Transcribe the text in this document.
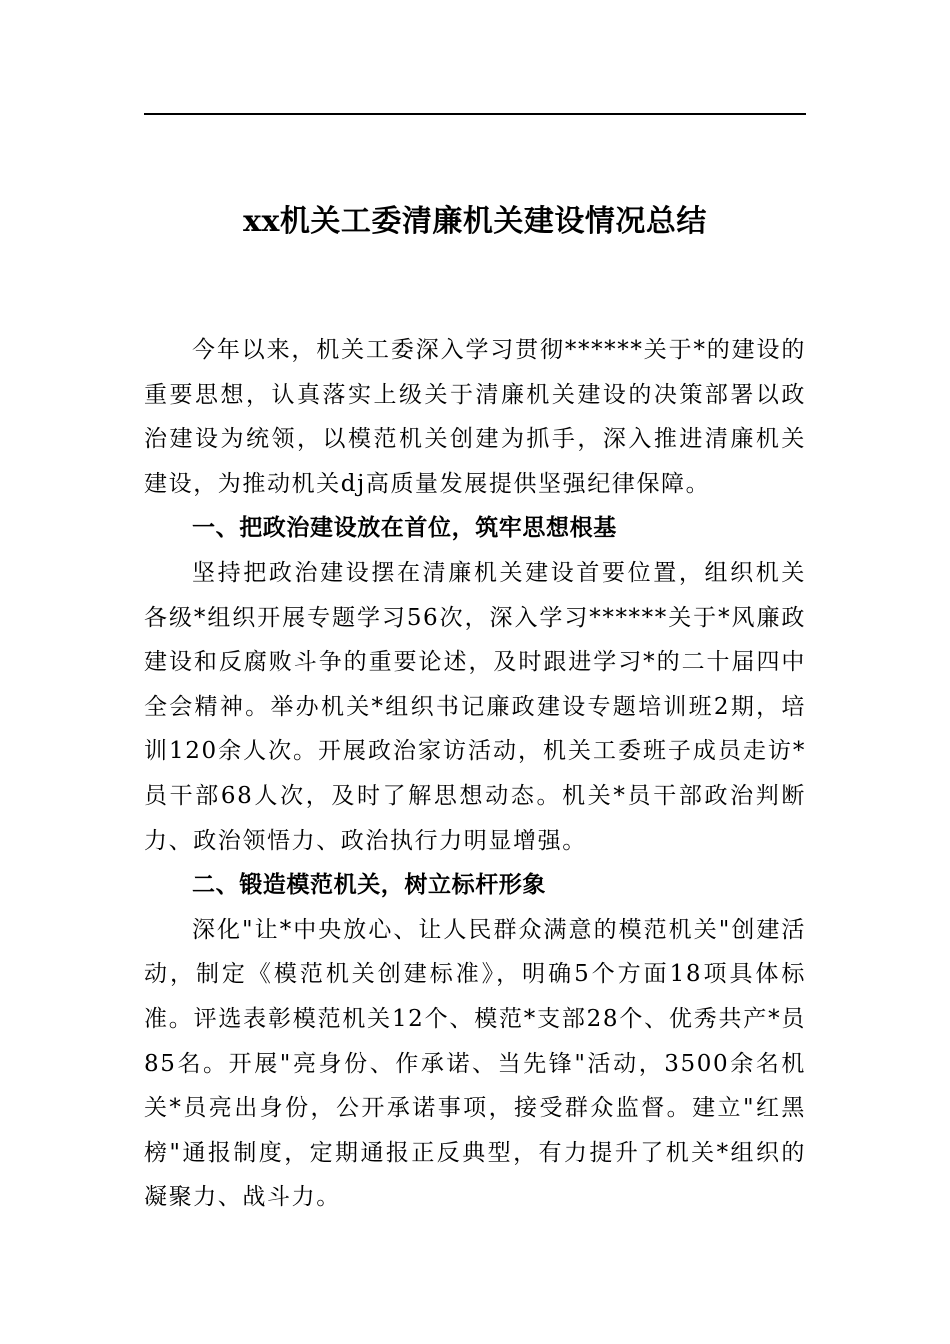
xx机关工委清廉机关建设情况总结

今年以来，机关工委深入学习贯彻******关于*的建设的重要思想，认真落实上级关于清廉机关建设的决策部署以政治建设为统领，以模范机关创建为抓手，深入推进清廉机关建设，为推动机关dj高质量发展提供坚强纪律保障。

一、把政治建设放在首位，筑牢思想根基

坚持把政治建设摆在清廉机关建设首要位置，组织机关各级*组织开展专题学习56次，深入学习******关于*风廉政建设和反腐败斗争的重要论述，及时跟进学习*的二十届四中全会精神。举办机关*组织书记廉政建设专题培训班2期，培训120余人次。开展政治家访活动，机关工委班子成员走访*员干部68人次，及时了解思想动态。机关*员干部政治判断力、政治领悟力、政治执行力明显增强。

二、锻造模范机关，树立标杆形象

深化"让*中央放心、让人民群众满意的模范机关"创建活动，制定《模范机关创建标准》，明确5个方面18项具体标准。评选表彰模范机关12个、模范*支部28个、优秀共产*员85名。开展"亮身份、作承诺、当先锋"活动，3500余名机关*员亮出身份，公开承诺事项，接受群众监督。建立"红黑榜"通报制度，定期通报正反典型，有力提升了机关*组织的凝聚力、战斗力。
